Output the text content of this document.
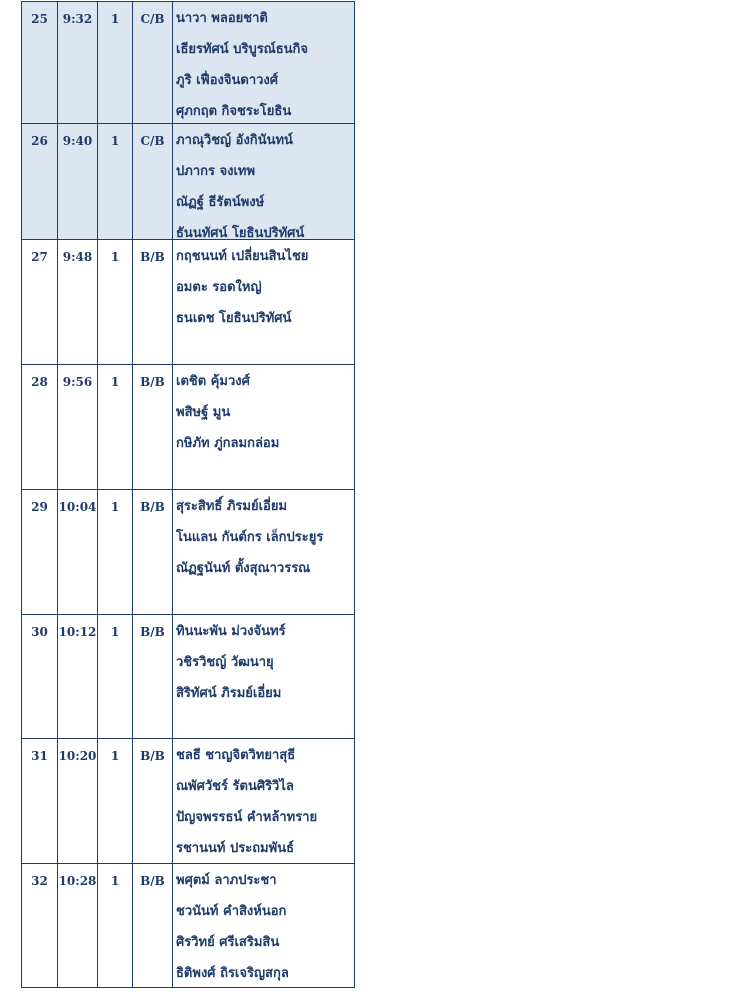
25	9:32	1	C/B นาวา พลอยชาติ
เธียรทัศน์ บริบูรณ์ธนกิจ
ภูริ เฟื่องจินดาวงศ์
ศุภกฤต กิจชระโยธิน
26	9:40	1	C/B ภาณุวิชญ์ อังกินันทน์
ปภากร จงเทพ
ณัฏฐ์ ธีรัตน์พงษ์
ธันนทัศน์ โยธินปริทัศน์
27	9:48	1	B/B กฤชนนท์ เปลี่ยนสินไชย
อมตะ รอดใหญ่
ธนเดช โยธินปริทัศน์
28	9:56	1	B/B เตชิต คุ้มวงศ์
พสิษฐ์ มูน
กษิภัท ภู่กลมกล่อม
29 10:04	1	B/B สุระสิทธิ์ ภิรมย์เอี่ยม
โนแลน กันต์กร เล็กประยูร
ณัฏฐนันท์ ตั้งสุณาวรรณ
30 10:12	1	B/B ทินนะพัน ม่วงจันทร์
วชิรวิชญ์ วัฒนายุ
สิริทัศน์ ภิรมย์เอี่ยม
31 10:20	1	B/B ชลธี ชาญจิตวิทยาสุธี
ณพัศวัชร์ รัตนศิริวิไล
ปัญจพรรธน์ คำหล้าทราย
รชานนท์ ประถมพันธ์
32 10:28	1	B/B พศุตม์ ลาภประชา
ชวนันท์ คำสิงห์นอก
ศิรวิทย์ ศรีเสริมสิน
ธิติพงศ์ ถิรเจริญสกุล
